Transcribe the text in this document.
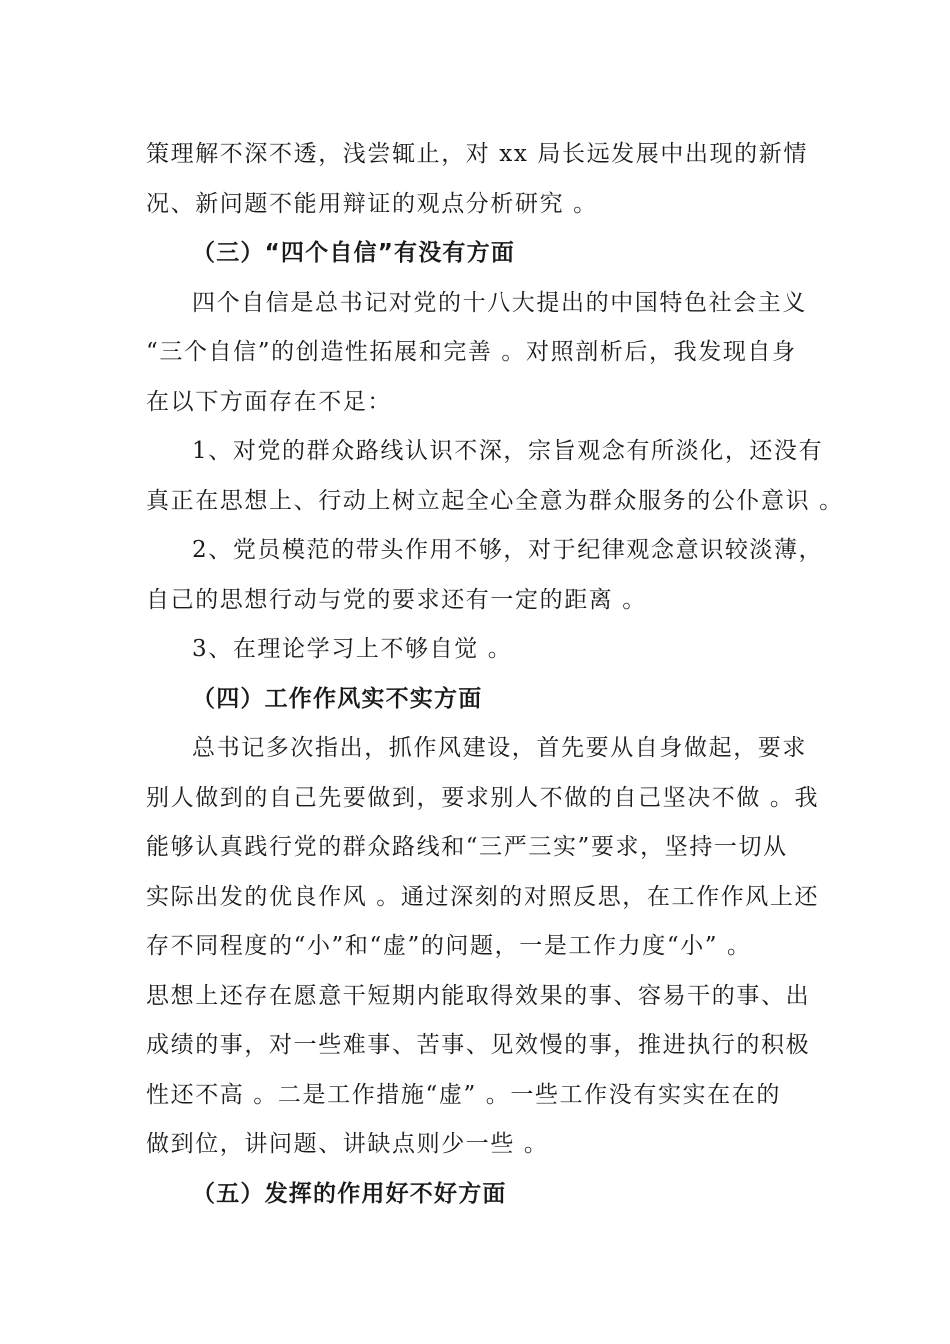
策理解不深不透，浅尝辄止，对 xx 局长远发展中出现的新情
况、新问题不能用辩证的观点分析研究 。
（三）“四个自信”有没有方面
四个自信是总书记对党的十八大提出的中国特色社会主义
“三个自信”的创造性拓展和完善 。对照剖析后，我发现自身
在以下方面存在不足：
1、对党的群众路线认识不深，宗旨观念有所淡化，还没有
真正在思想上、行动上树立起全心全意为群众服务的公仆意识 。
2、党员模范的带头作用不够，对于纪律观念意识较淡薄，
自己的思想行动与党的要求还有一定的距离 。
3、在理论学习上不够自觉 。
（四）工作作风实不实方面
总书记多次指出，抓作风建设，首先要从自身做起，要求
别人做到的自己先要做到，要求别人不做的自己坚决不做 。我
能够认真践行党的群众路线和“三严三实”要求，坚持一切从
实际出发的优良作风 。通过深刻的对照反思，在工作作风上还
存不同程度的“小”和“虚”的问题，一是工作力度“小” 。
思想上还存在愿意干短期内能取得效果的事、容易干的事、出
成绩的事，对一些难事、苦事、见效慢的事，推进执行的积极
性还不高 。二是工作措施“虚” 。一些工作没有实实在在的
做到位，讲问题、讲缺点则少一些 。
（五）发挥的作用好不好方面
